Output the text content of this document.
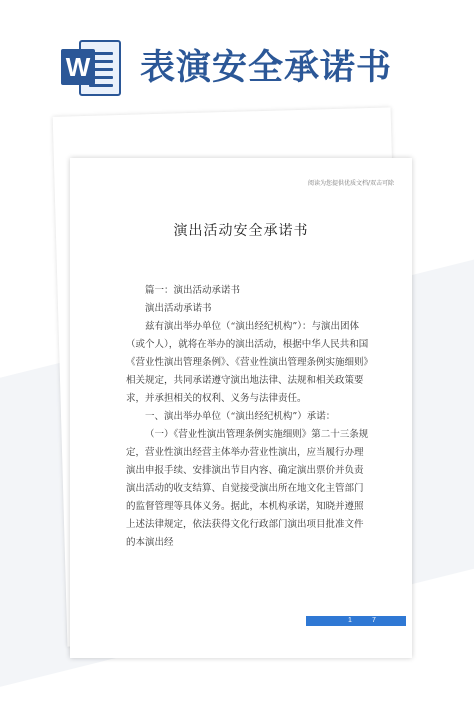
W 表演安全承诺书
阅读为您提供优质文档/双击可除
演出活动安全承诺书

篇一：演出活动承诺书

演出活动承诺书

兹有演出举办单位（“演出经纪机构”）：与演出团体（或个人），就将在举办的演出活动，根据中华人民共和国《营业性演出管理条例》、《营业性演出管理条例实施细则》相关规定，共同承诺遵守演出地法律、法规和相关政策要求，并承担相关的权利、义务与法律责任。

一、演出举办单位（“演出经纪机构”）承诺：

（一）《营业性演出管理条例实施细则》第二十三条规定，营业性演出经营主体举办营业性演出，应当履行办理演出申报手续、安排演出节目内容、确定演出票价并负责演出活动的收支结算、自觉接受演出所在地文化主管部门的监督管理等具体义务。据此，本机构承诺，知晓并遵照上述法律规定，依法获得文化行政部门演出项目批准文件的本演出经

1	7
